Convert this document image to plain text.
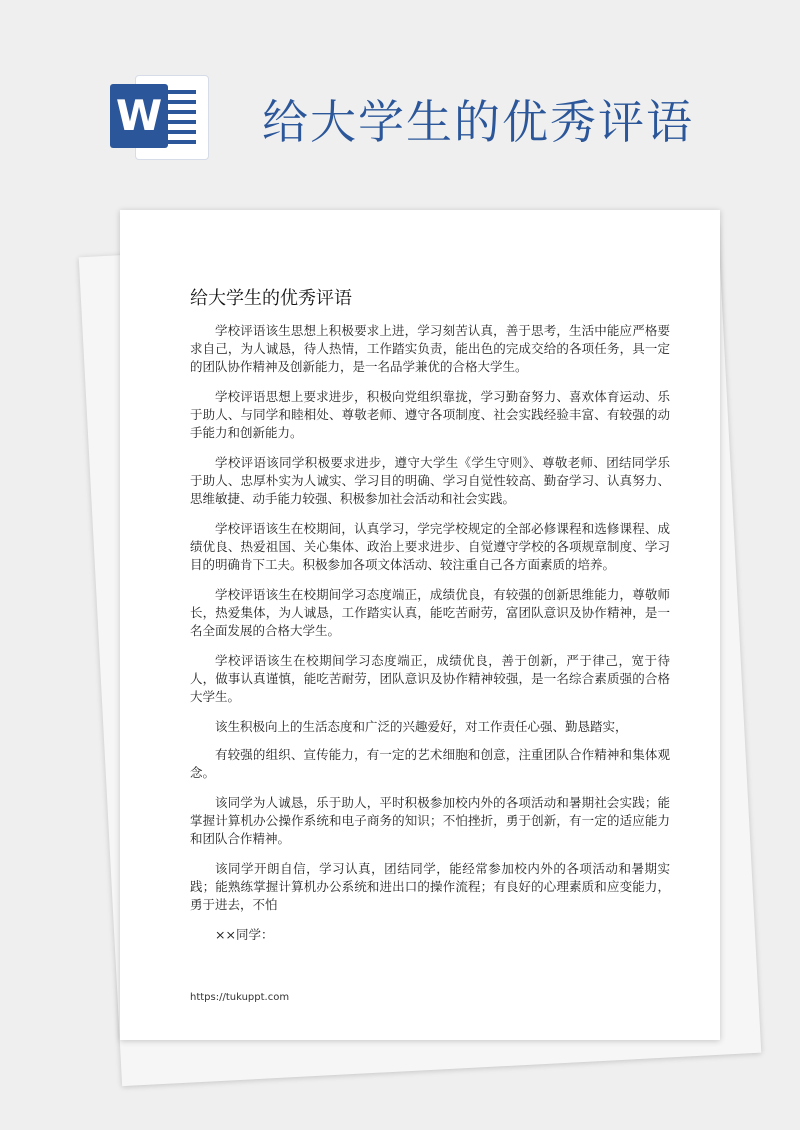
W 给大学生的优秀评语
给大学生的优秀评语

学校评语该生思想上积极要求上进，学习刻苦认真，善于思考，生活中能应严格要求自己，为人诚恳，待人热情，工作踏实负责，能出色的完成交给的各项任务，具一定的团队协作精神及创新能力，是一名品学兼优的合格大学生。

学校评语思想上要求进步，积极向党组织靠拢，学习勤奋努力、喜欢体育运动、乐于助人、与同学和睦相处、尊敬老师、遵守各项制度、社会实践经验丰富、有较强的动手能力和创新能力。

学校评语该同学积极要求进步，遵守大学生《学生守则》、尊敬老师、团结同学乐于助人、忠厚朴实为人诚实、学习目的明确、学习自觉性较高、勤奋学习、认真努力、思维敏捷、动手能力较强、积极参加社会活动和社会实践。

学校评语该生在校期间，认真学习，学完学校规定的全部必修课程和选修课程、成绩优良、热爱祖国、关心集体、政治上要求进步、自觉遵守学校的各项规章制度、学习目的明确肯下工夫。积极参加各项文体活动、较注重自己各方面素质的培养。

学校评语该生在校期间学习态度端正，成绩优良，有较强的创新思维能力，尊敬师长，热爱集体，为人诚恳，工作踏实认真，能吃苦耐劳，富团队意识及协作精神，是一名全面发展的合格大学生。

学校评语该生在校期间学习态度端正，成绩优良，善于创新，严于律己，宽于待人，做事认真谨慎，能吃苦耐劳，团队意识及协作精神较强，是一名综合素质强的合格大学生。

该生积极向上的生活态度和广泛的兴趣爱好，对工作责任心强、勤恳踏实，

有较强的组织、宣传能力，有一定的艺术细胞和创意，注重团队合作精神和集体观念。

该同学为人诚恳，乐于助人，平时积极参加校内外的各项活动和暑期社会实践；能掌握计算机办公操作系统和电子商务的知识；不怕挫折，勇于创新，有一定的适应能力和团队合作精神。

该同学开朗自信，学习认真，团结同学，能经常参加校内外的各项活动和暑期实践；能熟练掌握计算机办公系统和进出口的操作流程；有良好的心理素质和应变能力，勇于进去，不怕

××同学：

https://tukuppt.com
